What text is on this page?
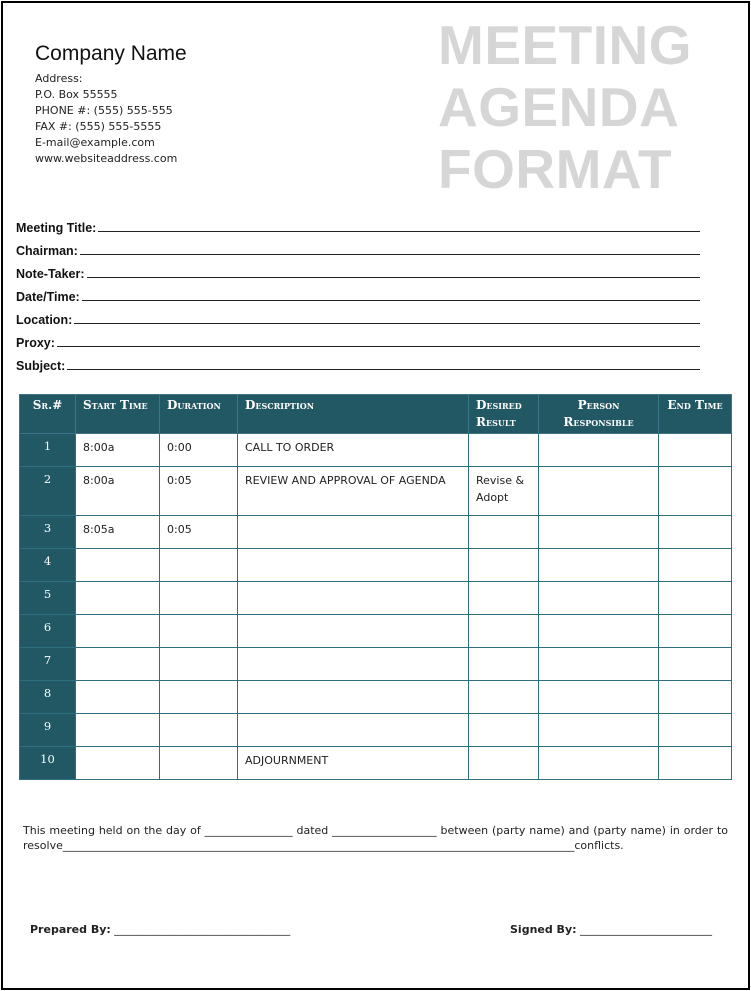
Company Name
Address:
P.O. Box 55555
PHONE #: (555) 555-555
FAX #: (555) 555-5555
E-mail@example.com
www.websiteaddress.com
MEETING
AGENDA
FORMAT
Meeting Title:
Chairman:
Note-Taker:
Date/Time:
Location:
Proxy:
Subject:
Sr.#	Start Time	Duration	Description	Desired Result	Person Responsible	End Time
1	8:00a	0:00	CALL TO ORDER			
2	8:00a	0:05	REVIEW AND APPROVAL OF AGENDA	Revise & Adopt		
3	8:05a	0:05				
4						
5						
6						
7						
8						
9						
10			ADJOURNMENT			
This meeting held on the day of ________________ dated ___________________ between (party name) and (party name) in order to resolve_____________________________________________________________________________________________conflicts.
Prepared By: ________________________________	Signed By: ________________________
